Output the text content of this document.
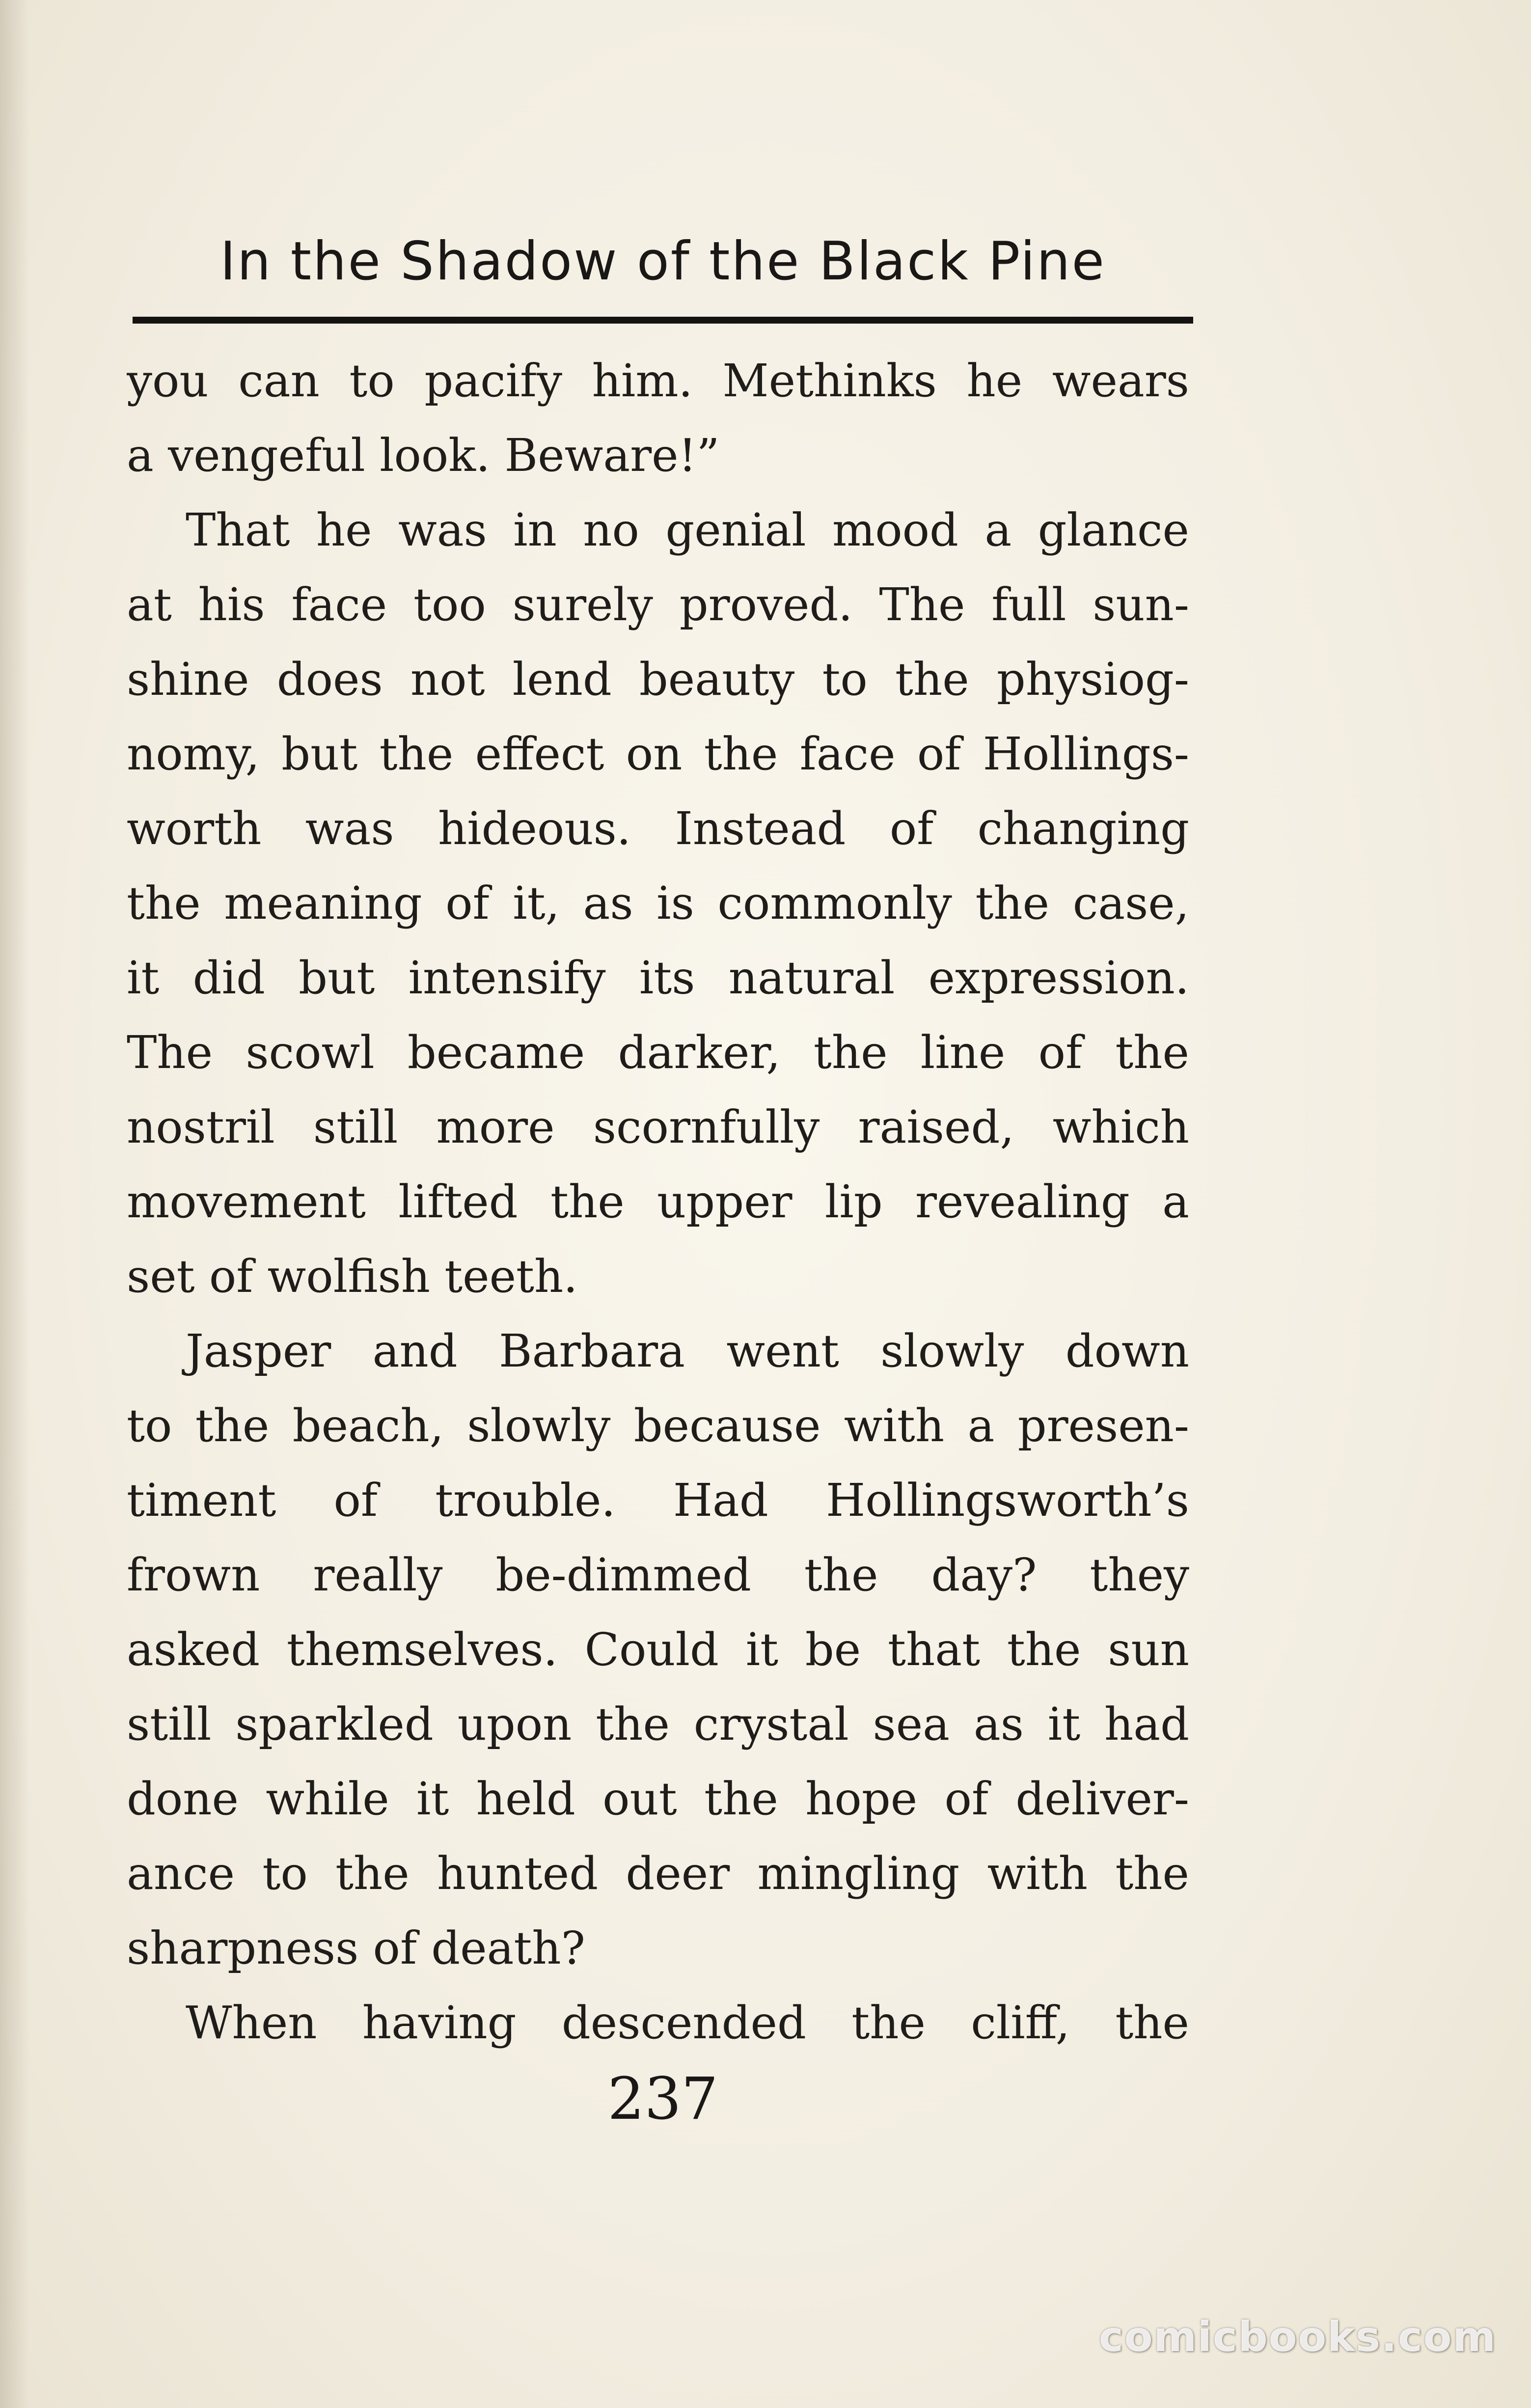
In the Shadow of the Black Pine
you can to pacify him. Methinks he wears
a vengeful look. Beware!”
That he was in no genial mood a glance
at his face too surely proved. The full sun-
shine does not lend beauty to the physiog-
nomy, but the effect on the face of Hollings-
worth was hideous. Instead of changing
the meaning of it, as is commonly the case,
it did but intensify its natural expression.
The scowl became darker, the line of the
nostril still more scornfully raised, which
movement lifted the upper lip revealing a
set of wolfish teeth.
Jasper and Barbara went slowly down
to the beach, slowly because with a presen-
timent of trouble. Had Hollingsworth’s
frown really be-dimmed the day? they
asked themselves. Could it be that the sun
still sparkled upon the crystal sea as it had
done while it held out the hope of deliver-
ance to the hunted deer mingling with the
sharpness of death?
When having descended the cliff, the
237
comicbooks.com
